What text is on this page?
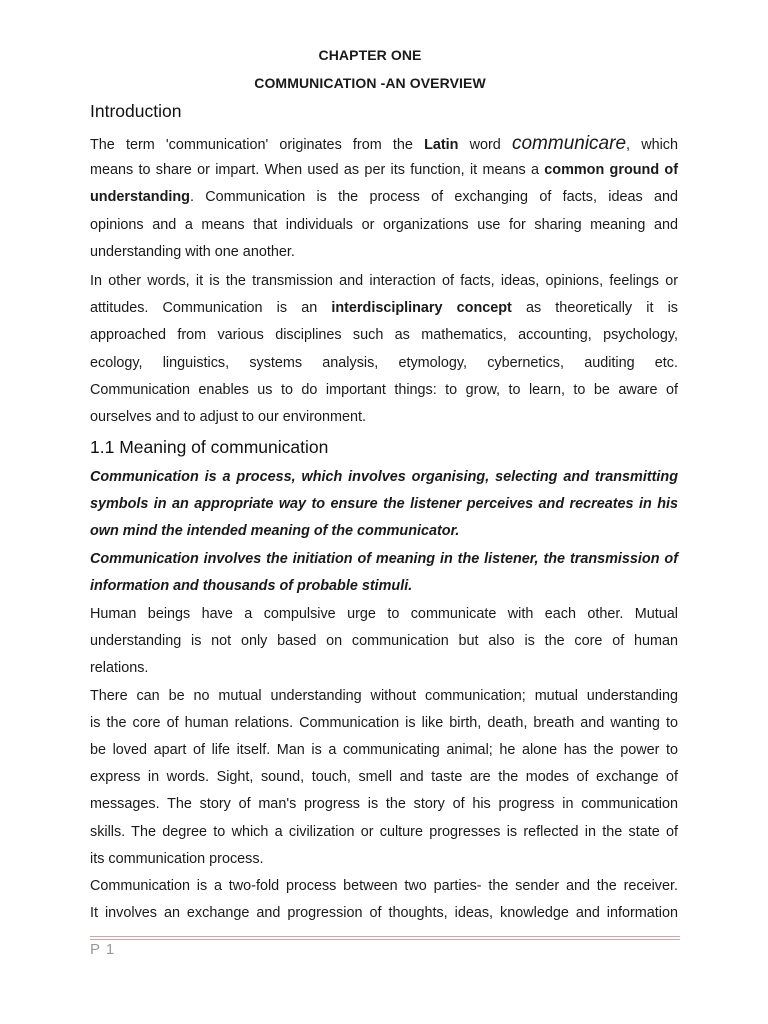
CHAPTER ONE
COMMUNICATION -AN OVERVIEW
Introduction
The term 'communication' originates from the Latin word communicare, which
means to share or impart. When used as per its function, it means a common ground of
understanding. Communication is the process of exchanging of facts, ideas and
opinions and a means that individuals or organizations use for sharing meaning and
understanding with one another.
In other words, it is the transmission and interaction of facts, ideas, opinions, feelings or
attitudes. Communication is an interdisciplinary concept as theoretically it is
approached from various disciplines such as mathematics, accounting, psychology,
ecology, linguistics, systems analysis, etymology, cybernetics, auditing etc.
Communication enables us to do important things: to grow, to learn, to be aware of
ourselves and to adjust to our environment.
1.1 Meaning of communication
Communication is a process, which involves organising, selecting and transmitting
symbols in an appropriate way to ensure the listener perceives and recreates in his
own mind the intended meaning of the communicator.
Communication involves the initiation of meaning in the listener, the transmission of
information and thousands of probable stimuli.
Human beings have a compulsive urge to communicate with each other. Mutual
understanding is not only based on communication but also is the core of human
relations.
There can be no mutual understanding without communication; mutual understanding
is the core of human relations. Communication is like birth, death, breath and wanting to
be loved apart of life itself. Man is a communicating animal; he alone has the power to
express in words. Sight, sound, touch, smell and taste are the modes of exchange of
messages. The story of man's progress is the story of his progress in communication
skills. The degree to which a civilization or culture progresses is reflected in the state of
its communication process.
Communication is a two-fold process between two parties- the sender and the receiver.
It involves an exchange and progression of thoughts, ideas, knowledge and information
P 1
